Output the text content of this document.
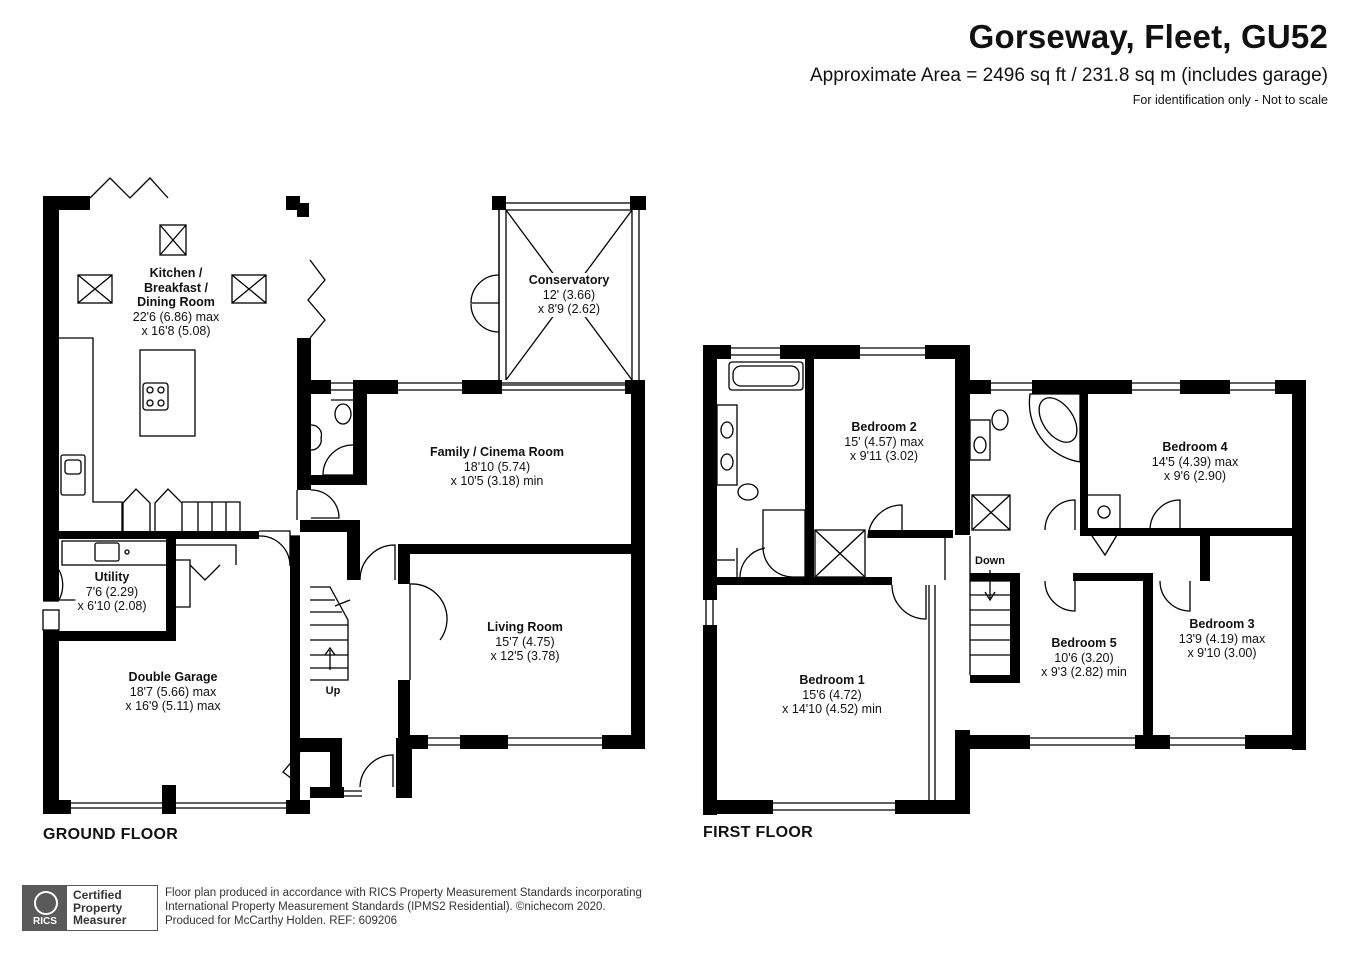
Gorseway, Fleet, GU52
Approximate Area = 2496 sq ft / 231.8 sq m (includes garage)
For identification only - Not to scale
GROUND FLOOR	FIRST FLOOR
Kitchen /
Breakfast /
Dining Room
22'6 (6.86) max
x 16'8 (5.08)
Conservatory
12' (3.66)
x 8'9 (2.62)
Family / Cinema Room
18'10 (5.74)
x 10'5 (3.18) min
Utility
7'6 (2.29)
x 6'10 (2.08)
Living Room
15'7 (4.75)
x 12'5 (3.78)
Double Garage
18'7 (5.66) max
x 16'9 (5.11) max
Bedroom 1
15'6 (4.72)
x 14'10 (4.52) min
Bedroom 2
15' (4.57) max
x 9'11 (3.02)
Bedroom 3
13'9 (4.19) max
x 9'10 (3.00)
Bedroom 4
14'5 (4.39) max
x 9'6 (2.90)
Bedroom 5
10'6 (3.20)
x 9'3 (2.82) min
Up
Down
RICS
Certified
Property
Measurer
Floor plan produced in accordance with RICS Property Measurement Standards incorporating
International Property Measurement Standards (IPMS2 Residential). ©nichecom 2020.
Produced for McCarthy Holden. REF: 609206
